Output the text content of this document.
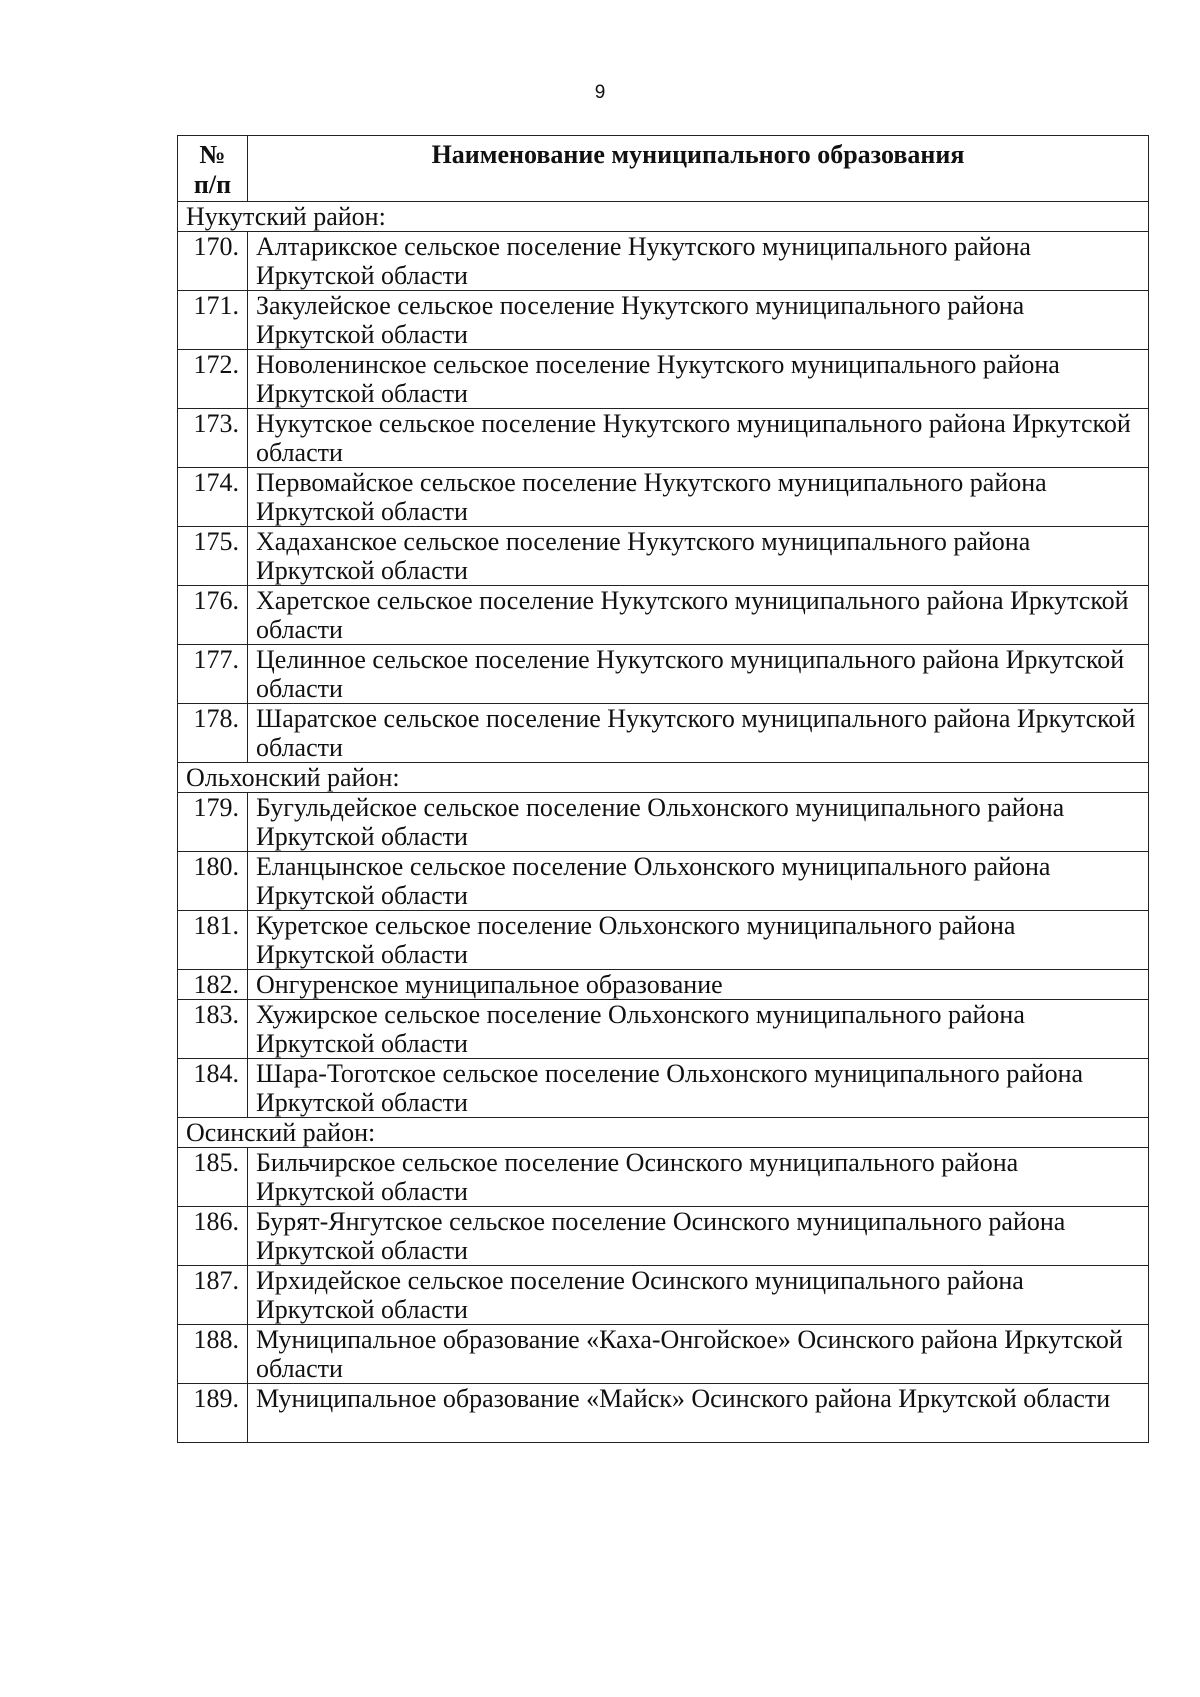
9
№ п/п	Наименование муниципального образования
Нукутский район:	
170.	Алтарикское сельское поселение Нукутского муниципального района Иркутской области
171.	Закулейское сельское поселение Нукутского муниципального района Иркутской области
172.	Новоленинское сельское поселение Нукутского муниципального района Иркутской области
173.	Нукутское сельское поселение Нукутского муниципального района Иркутской области
174.	Первомайское сельское поселение Нукутского муниципального района Иркутской области
175.	Хадаханское сельское поселение Нукутского муниципального района Иркутской области
176.	Харетское сельское поселение Нукутского муниципального района Иркутской области
177.	Целинное сельское поселение Нукутского муниципального района Иркутской области
178.	Шаратское сельское поселение Нукутского муниципального района Иркутской области
Ольхонский район:	
179.	Бугульдейское сельское поселение Ольхонского муниципального района Иркутской области
180.	Еланцынское сельское поселение Ольхонского муниципального района Иркутской области
181.	Куретское сельское поселение Ольхонского муниципального района Иркутской области
182.	Онгуренское муниципальное образование
183.	Хужирское сельское поселение Ольхонского муниципального района Иркутской области
184.	Шара-Тоготское сельское поселение Ольхонского муниципального района Иркутской области
Осинский район:	
185.	Бильчирское сельское поселение Осинского муниципального района Иркутской области
186.	Бурят-Янгутское сельское поселение Осинского муниципального района Иркутской области
187.	Ирхидейское сельское поселение Осинского муниципального района Иркутской области
188.	Муниципальное образование «Каха-Онгойское» Осинского района Иркутской области
189.	Муниципальное образование «Майск» Осинского района Иркутской области
